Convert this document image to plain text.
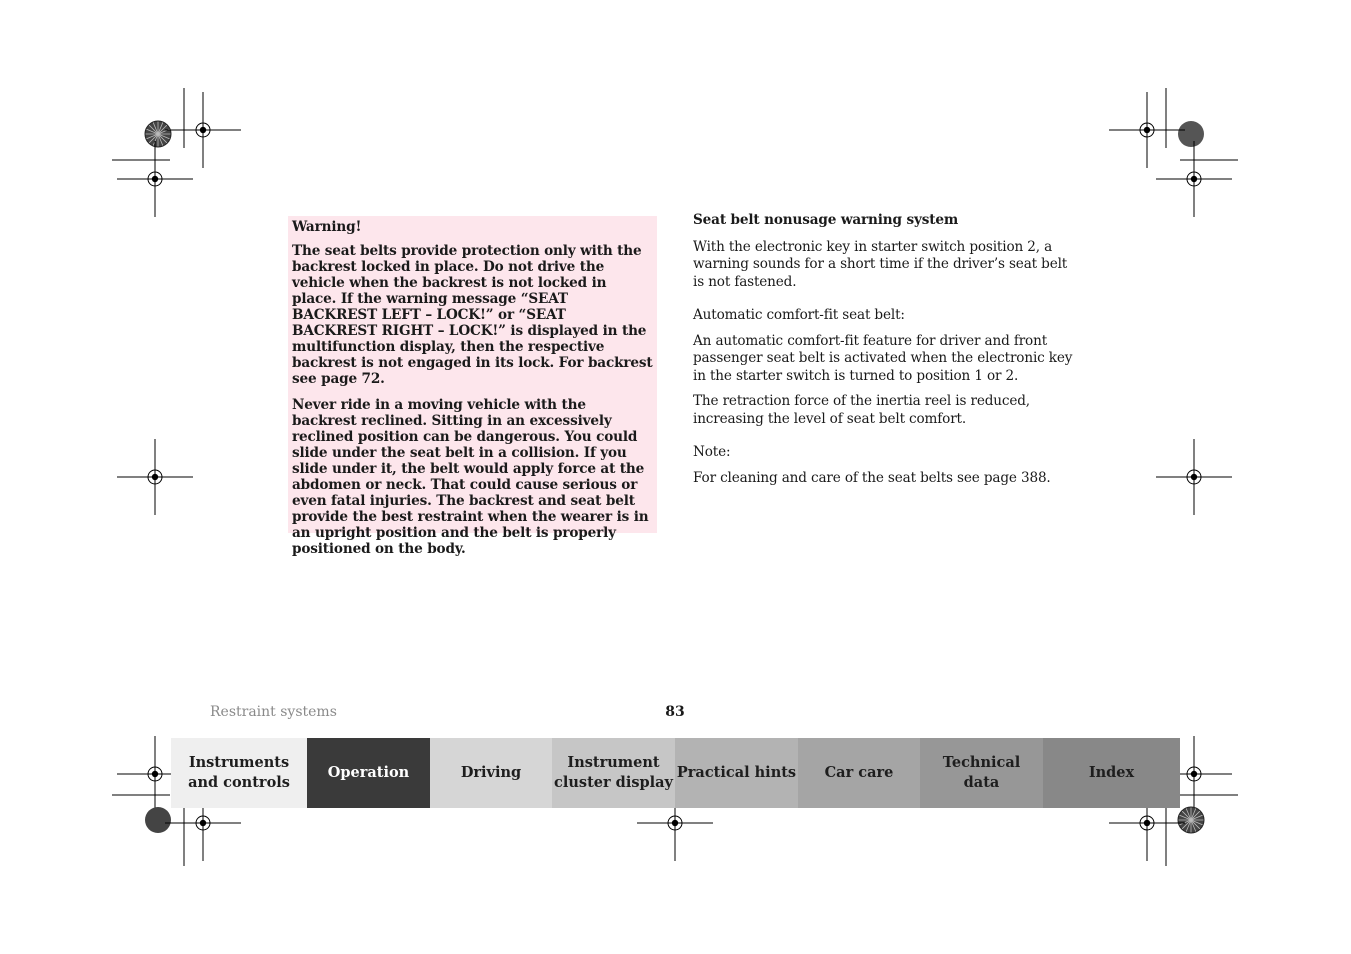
Warning!

The seat belts provide protection only with the backrest locked in place. Do not drive the vehicle when the backrest is not locked in place. If the warning message “SEAT BACKREST LEFT – LOCK!” or “SEAT BACKREST RIGHT – LOCK!” is displayed in the multifunction display, then the respective backrest is not engaged in its lock. For backrest see page 72.

Never ride in a moving vehicle with the backrest reclined. Sitting in an excessively reclined position can be dangerous. You could slide under the seat belt in a collision. If you slide under it, the belt would apply force at the abdomen or neck. That could cause serious or even fatal injuries. The backrest and seat belt provide the best restraint when the wearer is in an upright position and the belt is properly positioned on the body.

Seat belt nonusage warning system

With the electronic key in starter switch position 2, a warning sounds for a short time if the driver’s seat belt is not fastened.

Automatic comfort-fit seat belt:

An automatic comfort-fit feature for driver and front passenger seat belt is activated when the electronic key in the starter switch is turned to position 1 or 2.

The retraction force of the inertia reel is reduced, increasing the level of seat belt comfort.

Note:

For cleaning and care of the seat belts see page 388.

Restraint systems	83
Instruments
and controls
Operation	Driving
Instrument
cluster display
Practical hints Car care
Technical
data
Index
